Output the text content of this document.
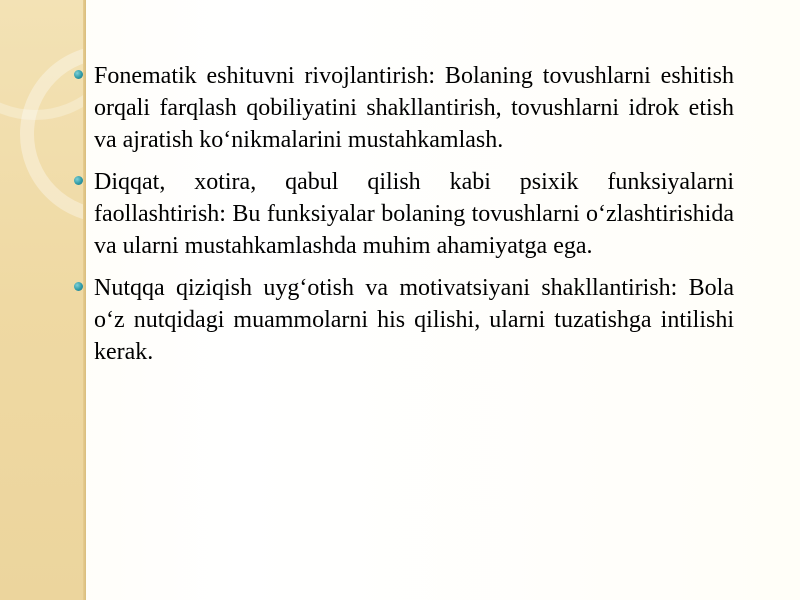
Fonematik eshituvni rivojlantirish: Bolaning tovushlarni eshitish orqali farqlash qobiliyatini shakllantirish, tovushlarni idrok etish va ajratish ko‘nikmalarini mustahkamlash.
Diqqat, xotira, qabul qilish kabi psixik funksiyalarni faollashtirish: Bu funksiyalar bolaning tovushlarni o‘zlashtirishida va ularni mustahkamlashda muhim ahamiyatga ega.
Nutqqa qiziqish uyg‘otish va motivatsiyani shakllantirish: Bola o‘z nutqidagi muammolarni his qilishi, ularni tuzatishga intilishi kerak.
